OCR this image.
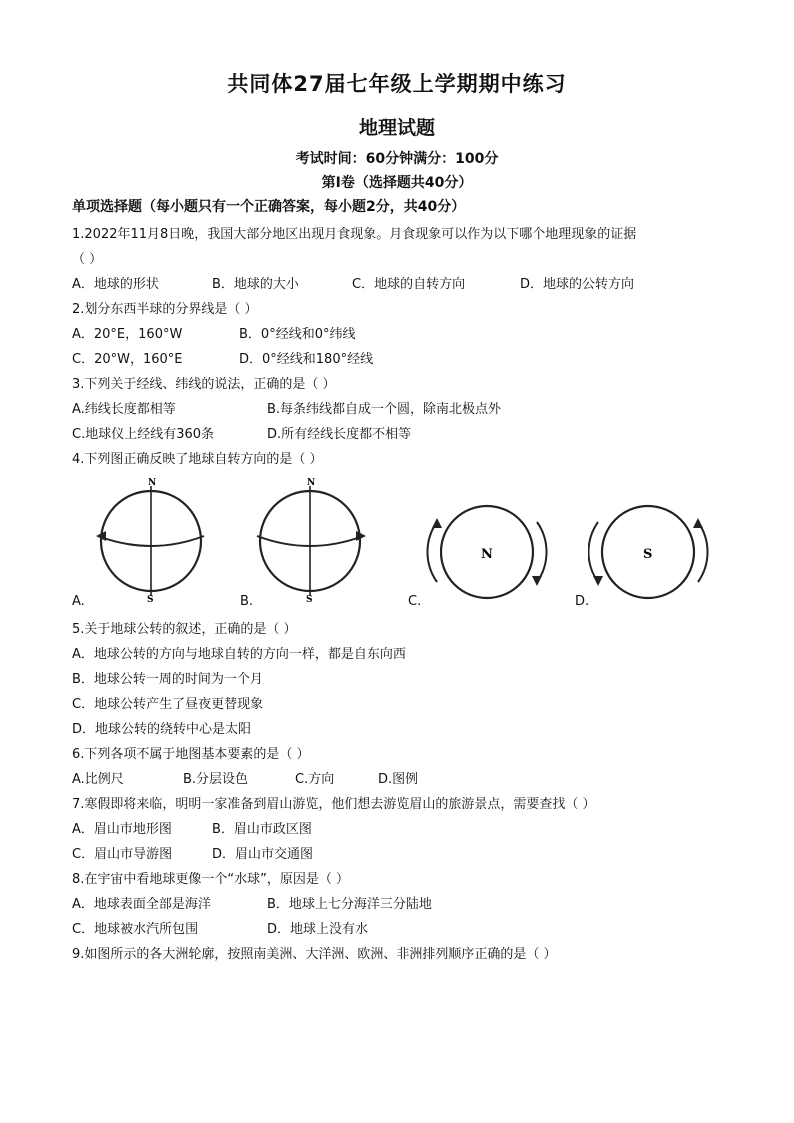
共同体27届七年级上学期期中练习
地理试题
考试时间：60分钟满分：100分
第Ⅰ卷（选择题共40分）
单项选择题（每小题只有一个正确答案，每小题2分，共40分）
1.2022年11月8日晚，我国大部分地区出现月食现象。月食现象可以作为以下哪个地理现象的证据
（ ）
A．地球的形状	B．地球的大小	C．地球的自转方向	D．地球的公转方向
2.划分东西半球的分界线是（ ）
A．20°E，160°W	B．0°经线和0°纬线
C．20°W，160°E	D．0°经线和180°经线
3.下列关于经线、纬线的说法，正确的是（ ）
A.纬线长度都相等	B.每条纬线都自成一个圆，除南北极点外
C.地球仪上经线有360条	D.所有经线长度都不相等
4.下列图正确反映了地球自转方向的是（ ）
N
S
N
S
N	S
A.	B.	C.	D.
5.关于地球公转的叙述，正确的是（ ）
A．地球公转的方向与地球自转的方向一样，都是自东向西
B．地球公转一周的时间为一个月
C．地球公转产生了昼夜更替现象
D．地球公转的绕转中心是太阳
6.下列各项不属于地图基本要素的是（ ）
A.比例尺	B.分层设色	C.方向	D.图例
7.寒假即将来临，明明一家准备到眉山游览，他们想去游览眉山的旅游景点，需要查找（ ）
A．眉山市地形图	B．眉山市政区图
C．眉山市导游图	D．眉山市交通图
8.在宇宙中看地球更像一个“水球”，原因是（ ）
A．地球表面全部是海洋	B．地球上七分海洋三分陆地
C．地球被水汽所包围	D．地球上没有水
9.如图所示的各大洲轮廓，按照南美洲、大洋洲、欧洲、非洲排列顺序正确的是（ ）
